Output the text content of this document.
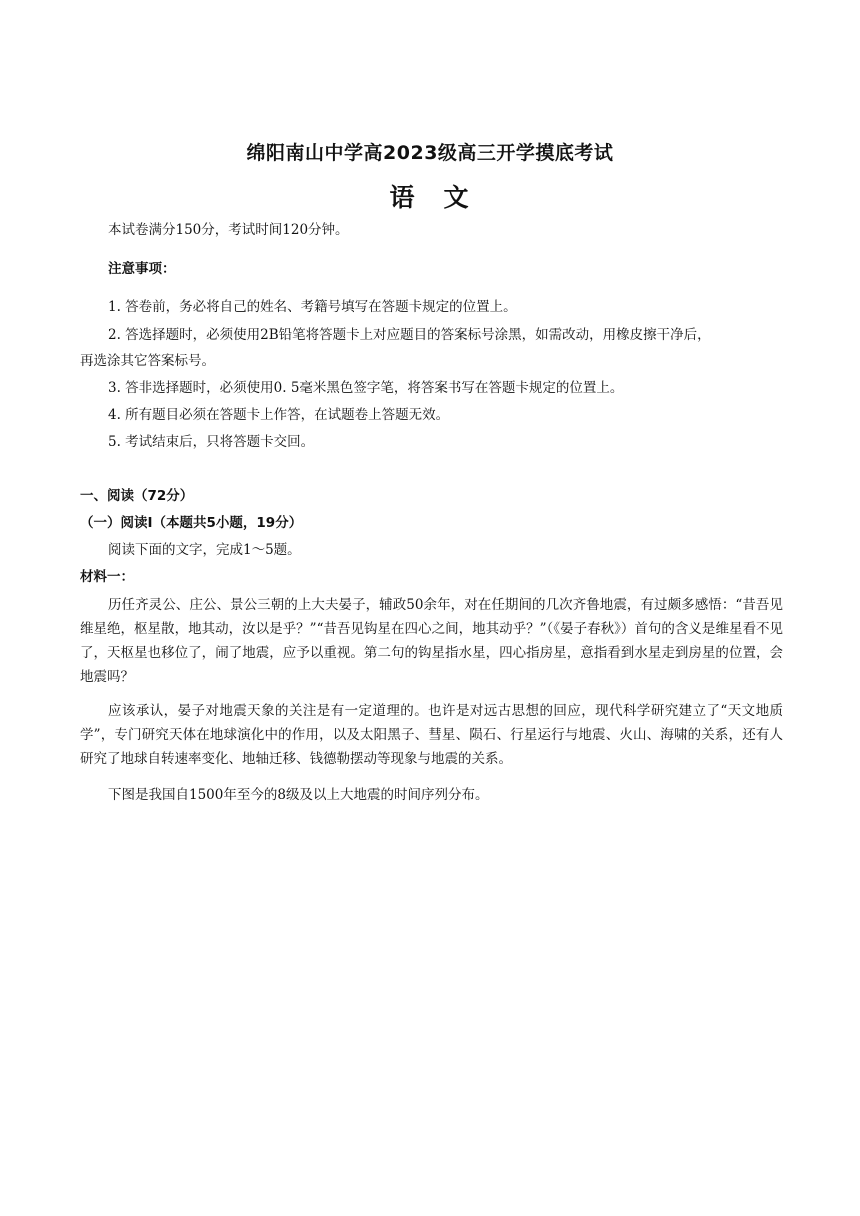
绵阳南山中学高2023级高三开学摸底考试
语　文
本试卷满分150分，考试时间120分钟。
注意事项：
1. 答卷前，务必将自己的姓名、考籍号填写在答题卡规定的位置上。
2. 答选择题时，必须使用2B铅笔将答题卡上对应题目的答案标号涂黑，如需改动，用橡皮擦干净后，
再选涂其它答案标号。
3. 答非选择题时，必须使用0. 5毫米黑色签字笔，将答案书写在答题卡规定的位置上。
4. 所有题目必须在答题卡上作答，在试题卷上答题无效。
5. 考试结束后，只将答题卡交回。
一、阅读（72分）
（一）阅读Ⅰ（本题共5小题，19分）
阅读下面的文字，完成1～5题。
材料一：

历任齐灵公、庄公、景公三朝的上大夫晏子，辅政50余年，对在任期间的几次齐鲁地震，有过颇多感悟：“昔吾见维星绝，枢星散，地其动，汝以是乎？”“昔吾见钩星在四心之间，地其动乎？”（《晏子春秋》）首句的含义是维星看不见了，天枢星也移位了，闹了地震，应予以重视。第二句的钩星指水星，四心指房星，意指看到水星走到房星的位置，会地震吗？

应该承认，晏子对地震天象的关注是有一定道理的。也许是对远古思想的回应，现代科学研究建立了“天文地质学”，专门研究天体在地球演化中的作用，以及太阳黑子、彗星、陨石、行星运行与地震、火山、海啸的关系，还有人研究了地球自转速率变化、地轴迁移、钱德勒摆动等现象与地震的关系。

下图是我国自1500年至今的8级及以上大地震的时间序列分布。
